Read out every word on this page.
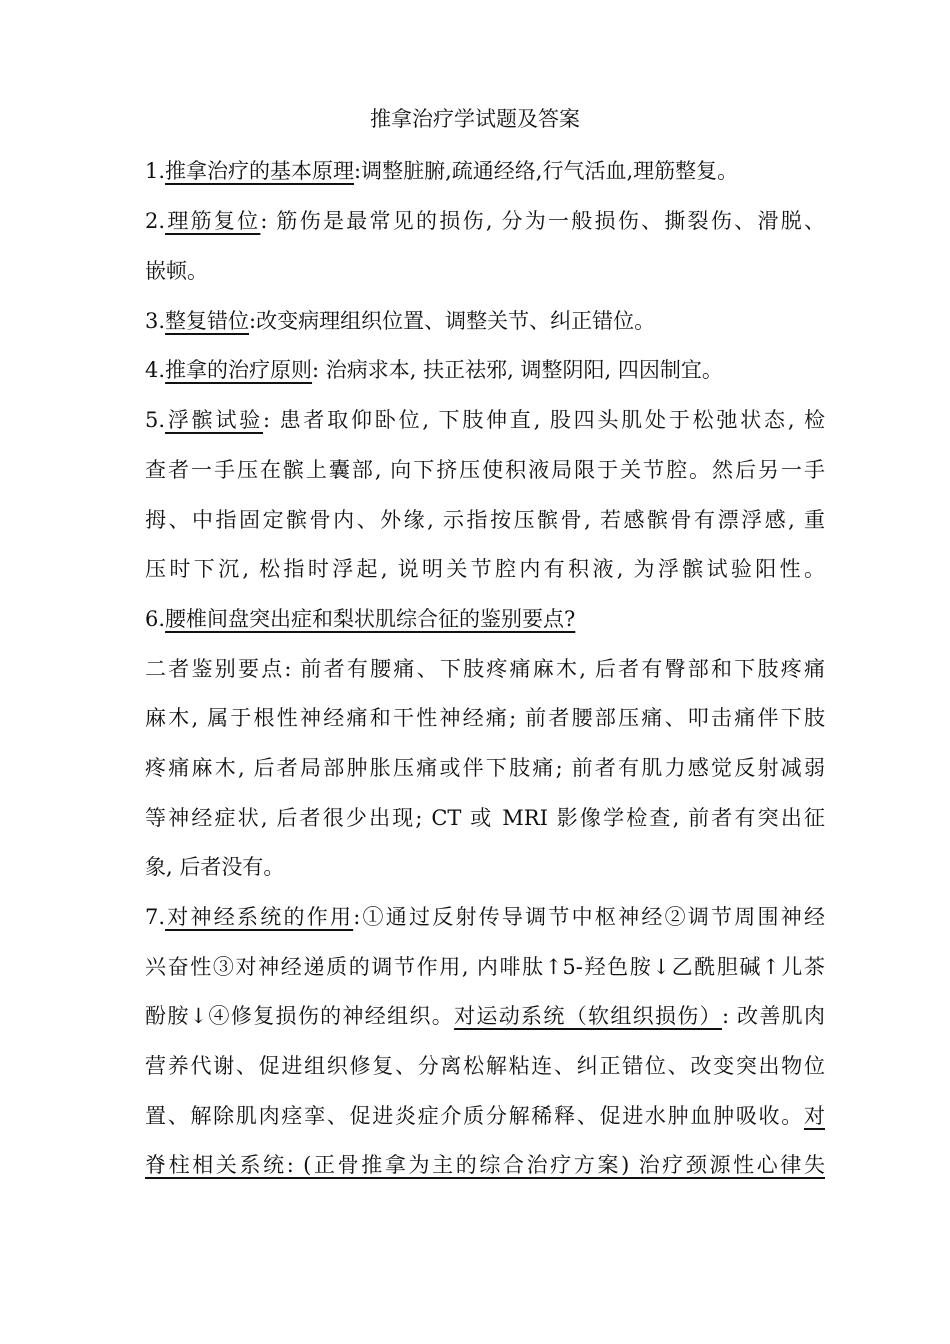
推拿治疗学试题及答案
1.推拿治疗的基本原理:调整脏腑,疏通经络,行气活血,理筋整复。
2.理筋复位: 筋伤是最常见的损伤, 分为一般损伤、撕裂伤、滑脱、
嵌顿。
3.整复错位:改变病理组织位置、调整关节、纠正错位。
4.推拿的治疗原则: 治病求本, 扶正祛邪, 调整阴阳, 四因制宜。
5.浮髌试验: 患者取仰卧位, 下肢伸直, 股四头肌处于松弛状态, 检
查者一手压在髌上囊部, 向下挤压使积液局限于关节腔。然后另一手
拇、中指固定髌骨内、外缘, 示指按压髌骨, 若感髌骨有漂浮感, 重
压时下沉, 松指时浮起, 说明关节腔内有积液, 为浮髌试验阳性。
6.腰椎间盘突出症和梨状肌综合征的鉴别要点?
二者鉴别要点: 前者有腰痛、下肢疼痛麻木, 后者有臀部和下肢疼痛
麻木, 属于根性神经痛和干性神经痛; 前者腰部压痛、叩击痛伴下肢
疼痛麻木, 后者局部肿胀压痛或伴下肢痛; 前者有肌力感觉反射减弱
等神经症状, 后者很少出现; CT 或 MRI 影像学检查, 前者有突出征
象, 后者没有。
7.对神经系统的作用:①通过反射传导调节中枢神经②调节周围神经
兴奋性③对神经递质的调节作用, 内啡肽↑5-羟色胺↓乙酰胆碱↑儿茶
酚胺↓④修复损伤的神经组织。对运动系统（软组织损伤）: 改善肌肉
营养代谢、促进组织修复、分离松解粘连、纠正错位、改变突出物位
置、解除肌肉痉挛、促进炎症介质分解稀释、促进水肿血肿吸收。对
脊柱相关系统: (正骨推拿为主的综合治疗方案) 治疗颈源性心律失
